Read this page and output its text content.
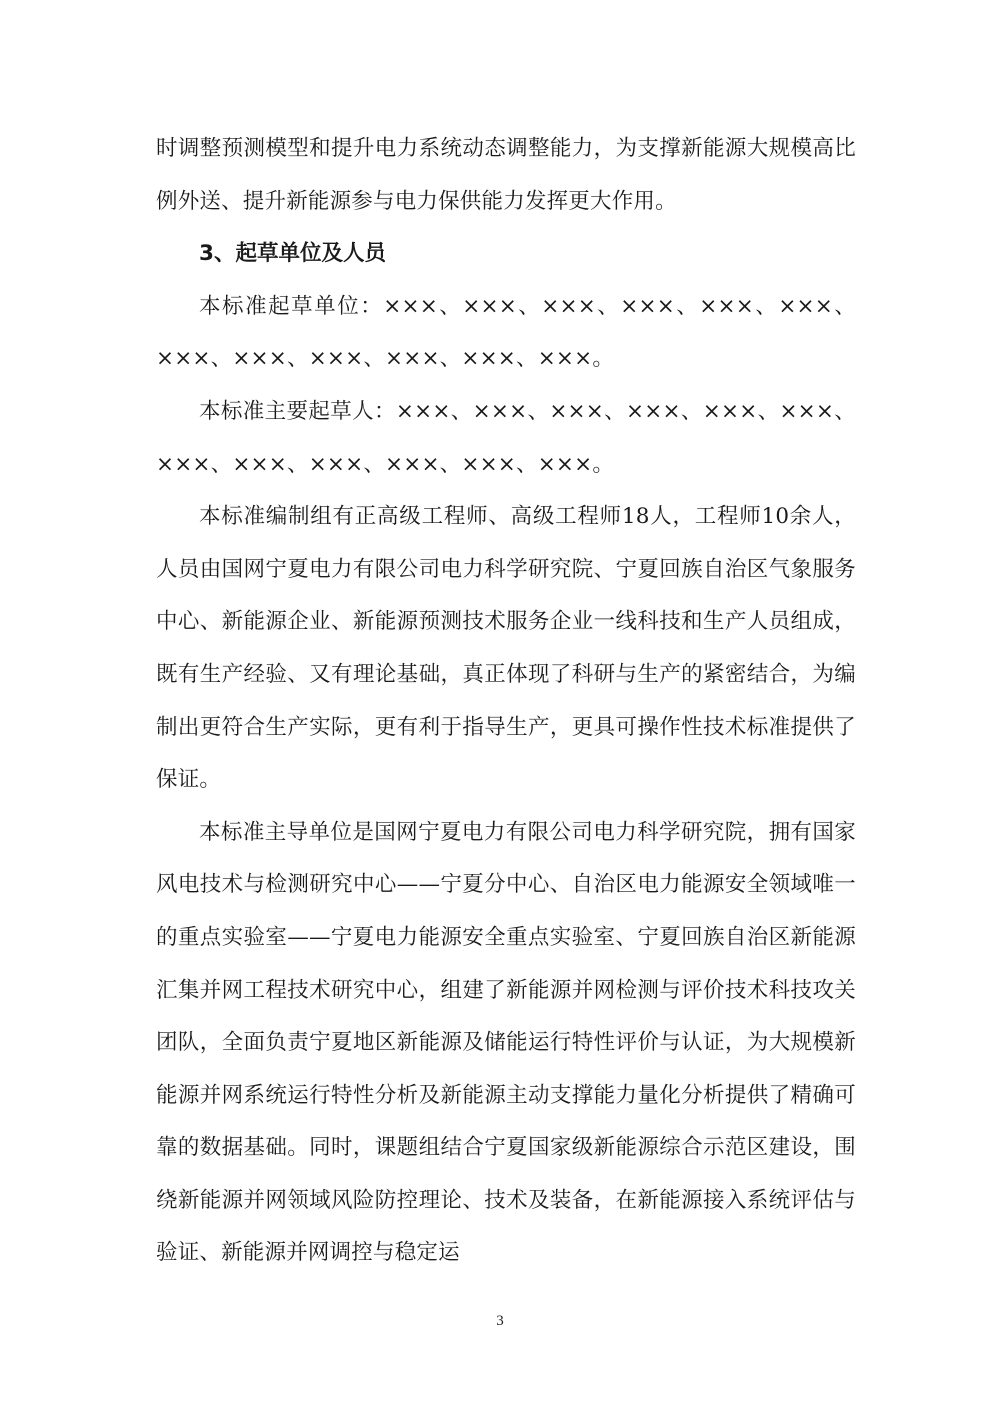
时调整预测模型和提升电力系统动态调整能力，为支撑新能源大规模高比例外送、提升新能源参与电力保供能力发挥更大作用。

3、起草单位及人员

本标准起草单位：×××、×××、×××、×××、×××、×××、×××、×××、×××、×××、×××、×××。

本标准主要起草人：×××、×××、×××、×××、×××、×××、×××、×××、×××、×××、×××、×××。

本标准编制组有正高级工程师、高级工程师18人，工程师10余人，人员由国网宁夏电力有限公司电力科学研究院、宁夏回族自治区气象服务中心、新能源企业、新能源预测技术服务企业一线科技和生产人员组成，既有生产经验、又有理论基础，真正体现了科研与生产的紧密结合，为编制出更符合生产实际，更有利于指导生产，更具可操作性技术标准提供了保证。

本标准主导单位是国网宁夏电力有限公司电力科学研究院，拥有国家风电技术与检测研究中心——宁夏分中心、自治区电力能源安全领域唯一的重点实验室——宁夏电力能源安全重点实验室、宁夏回族自治区新能源汇集并网工程技术研究中心，组建了新能源并网检测与评价技术科技攻关团队，全面负责宁夏地区新能源及储能运行特性评价与认证，为大规模新能源并网系统运行特性分析及新能源主动支撑能力量化分析提供了精确可靠的数据基础。同时，课题组结合宁夏国家级新能源综合示范区建设，围绕新能源并网领域风险防控理论、技术及装备，在新能源接入系统评估与验证、新能源并网调控与稳定运

3
